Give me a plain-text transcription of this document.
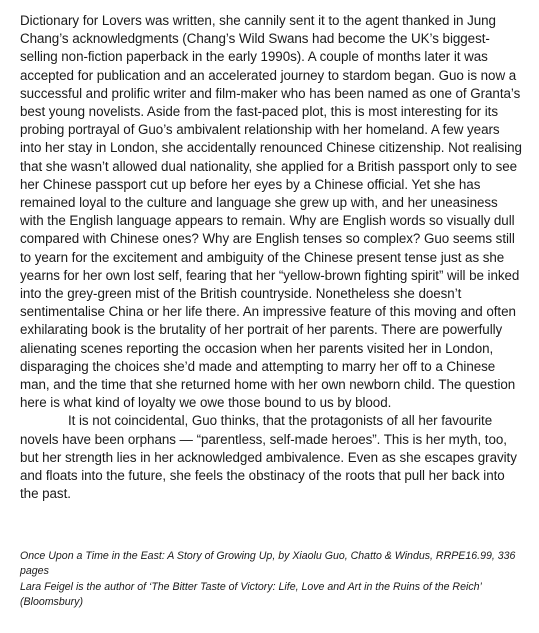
Dictionary for Lovers was written, she cannily sent it to the agent thanked in Jung Chang’s acknowledgments (Chang’s Wild Swans had become the UK’s biggest-selling non-fiction paperback in the early 1990s). A couple of months later it was accepted for publication and an accelerated journey to stardom began. Guo is now a successful and prolific writer and film-maker who has been named as one of Granta’s best young novelists. Aside from the fast-paced plot, this is most interesting for its probing portrayal of Guo’s ambivalent relationship with her homeland. A few years into her stay in London, she accidentally renounced Chinese citizenship. Not realising that she wasn’t allowed dual nationality, she applied for a British passport only to see her Chinese passport cut up before her eyes by a Chinese official. Yet she has remained loyal to the culture and language she grew up with, and her uneasiness with the English language appears to remain. Why are English words so visually dull compared with Chinese ones? Why are English tenses so complex? Guo seems still to yearn for the excitement and ambiguity of the Chinese present tense just as she yearns for her own lost self, fearing that her “yellow-brown fighting spirit” will be inked into the grey-green mist of the British countryside. Nonetheless she doesn’t sentimentalise China or her life there. An impressive feature of this moving and often exhilarating book is the brutality of her portrait of her parents. There are powerfully alienating scenes reporting the occasion when her parents visited her in London, disparaging the choices she’d made and attempting to marry her off to a Chinese man, and the time that she returned home with her own newborn child. The question here is what kind of loyalty we owe those bound to us by blood.

It is not coincidental, Guo thinks, that the protagonists of all her favourite novels have been orphans — “parentless, self-made heroes”. This is her myth, too, but her strength lies in her acknowledged ambivalence. Even as she escapes gravity and floats into the future, she feels the obstinacy of the roots that pull her back into the past.

Once Upon a Time in the East: A Story of Growing Up, by Xiaolu Guo, Chatto & Windus, RRPE16.99, 336 pages

Lara Feigel is the author of ‘The Bitter Taste of Victory: Life, Love and Art in the Ruins of the Reich’ (Bloomsbury)
